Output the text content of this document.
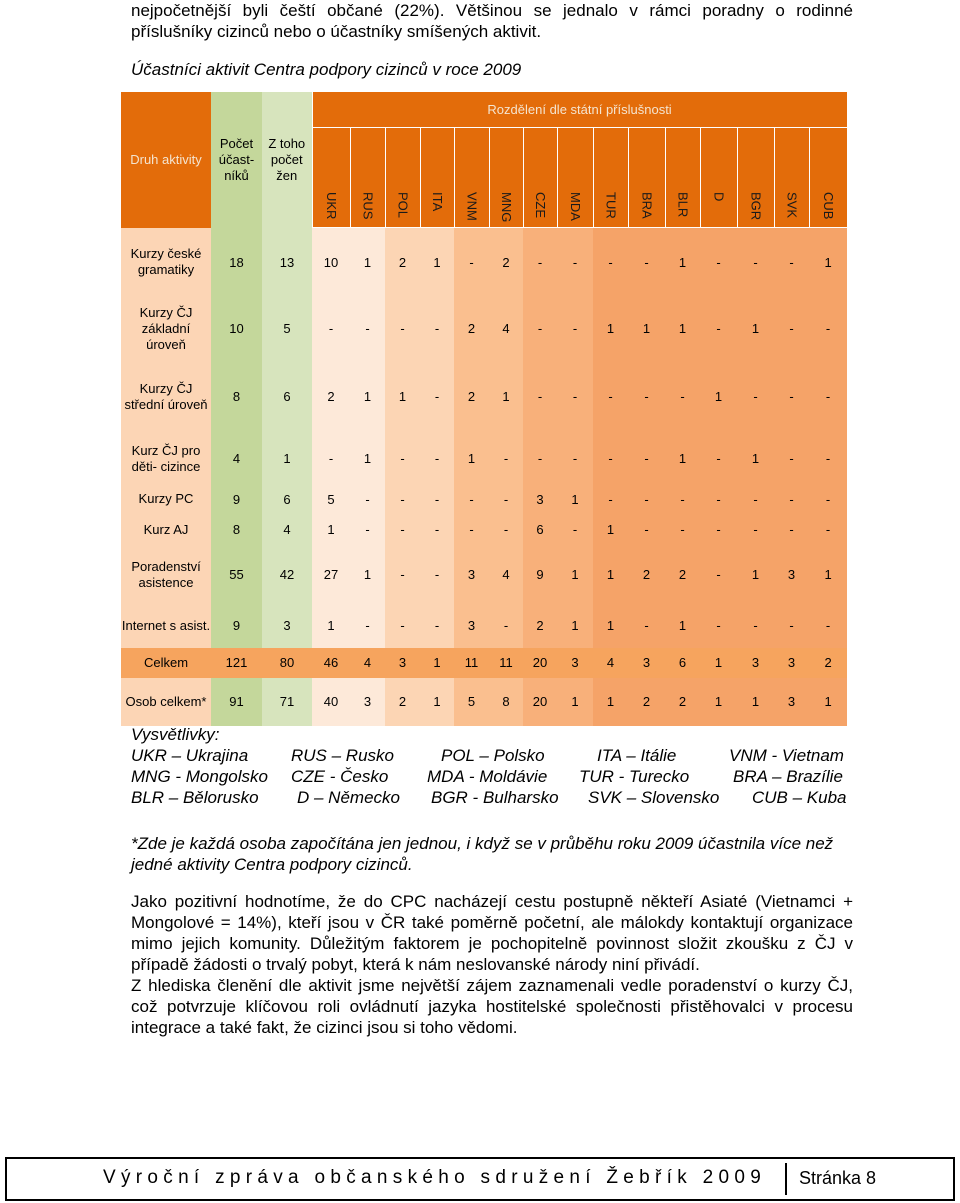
nejpočetnější byli čeští občané (22%). Většinou se jednalo v rámci poradny o rodinné příslušníky cizinců nebo o účastníky smíšených aktivit.
Účastníci aktivit Centra podpory cizinců v roce 2009
Druh aktivity	Počet účast-níků	Z toho počet žen	Rozdělení dle státní příslušnosti														
			UKR	RUS	POL	ITA	VNM	MNG	CZE	MDA	TUR	BRA	BLR	D	BGR	SVK	CUB
Kurzy české gramatiky	18	13	10	1	2	1	-	2	-	-	-	-	1	-	-	-	1
Kurzy ČJ základní úroveň	10	5	-	-	-	-	2	4	-	-	1	1	1	-	1	-	-
Kurzy ČJ střední úroveň	8	6	2	1	1	-	2	1	-	-	-	-	-	1	-	-	-
Kurz ČJ pro děti- cizince	4	1	-	1	-	-	1	-	-	-	-	-	1	-	1	-	-
Kurzy PC	9	6	5	-	-	-	-	-	3	1	-	-	-	-	-	-	-
Kurz AJ	8	4	1	-	-	-	-	-	6	-	1	-	-	-	-	-	-
Poradenství asistence	55	42	27	1	-	-	3	4	9	1	1	2	2	-	1	3	1
Internet s asist.	9	3	1	-	-	-	3	-	2	1	1	-	1	-	-	-	-
Celkem	121	80	46	4	3	1	11	11	20	3	4	3	6	1	3	3	2
Osob celkem*	91	71	40	3	2	1	5	8	20	1	1	2	2	1	1	3	1
Vysvětlivky:
UKR – Ukrajina	RUS – Rusko	POL – Polsko	ITA – Itálie	VNM - Vietnam
MNG - Mongolsko CZE - Česko MDA - Moldávie TUR - Turecko	BRA – Brazílie
BLR – Bělorusko D – Německo BGR - Bulharsko SVK – Slovensko CUB – Kuba
*Zde je každá osoba započítána jen jednou, i když se v průběhu roku 2009 účastnila více než jedné aktivity Centra podpory cizinců.

Jako pozitivní hodnotíme, že do CPC nacházejí cestu postupně někteří Asiaté (Vietnamci + Mongolové = 14%), kteří jsou v ČR také poměrně početní, ale málokdy kontaktují organizace mimo jejich komunity. Důležitým faktorem je pochopitelně povinnost složit zkoušku z ČJ v případě žádosti o trvalý pobyt, která k nám neslovanské národy niní přivádí.

Z hlediska členění dle aktivit jsme největší zájem zaznamenali vedle poradenství o kurzy ČJ, což potvrzuje klíčovou roli ovládnutí jazyka hostitelské společnosti přistěhovalci v procesu integrace a také fakt, že cizinci jsou si toho vědomi.

Výroční zpráva občanského sdružení Žebřík 2009 Stránka 8
